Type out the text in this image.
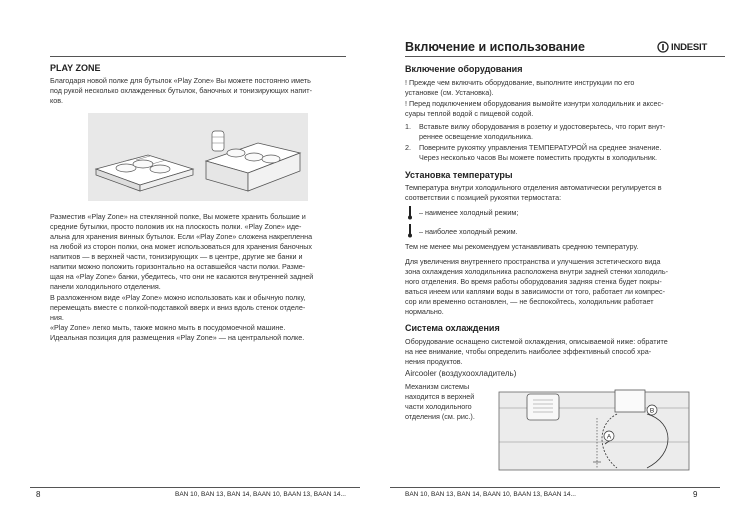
PLAY ZONE
Благодаря новой полке для бутылок «Play Zone» Вы можете постоянно иметь
под рукой несколько охлажденных бутылок, баночных и тонизирующих напит-
ков.
Разместив «Play Zone» на стеклянной полке, Вы можете хранить большие и
средние бутылки, просто положив их на плоскость полки. «Play Zone» иде-
альна для хранения винных бутылок. Если «Play Zone» сложена накрепленна
на любой из сторон полки, она может использоваться для хранения баночных
напитков — в верхней части, тонизирующих — в центре, другие же банки и
напитки можно положить горизонтально на оставшейся части полки. Разме-
щая на «Play Zone» банки, убедитесь, что они не касаются внутренней задней
панели холодильного отделения.
В разложенном виде «Play Zone» можно использовать как и обычную полку,
перемещать вместе с полкой-подставкой вверх и вниз вдоль стенок отделе-
ния.
«Play Zone» легко мыть, также можно мыть в посудомоечной машине.
Идеальная позиция для размещения «Play Zone» — на центральной полке.
8	BAN 10, BAN 13, BAN 14, BAAN 10, BAAN 13, BAAN 14...
Включение и использование	INDESIT
Включение оборудования
! Прежде чем включить оборудование, выполните инструкции по его
установке (см. Установка).
! Перед подключением оборудования вымойте изнутри холодильник и аксес-
суары теплой водой с пищевой содой.
1. Вставьте вилку оборудования в розетку и удостоверьтесь, что горит внут-
реннее освещение холодильника.
2. Поверните рукоятку управления ТЕМПЕРАТУРОЙ на среднее значение.
Через несколько часов Вы можете поместить продукты в холодильник.
Установка температуры
Температура внутри холодильного отделения автоматически регулируется в
соответствии с позицией рукоятки термостата:
– наименее холодный режим;
– наиболее холодный режим.
Тем не менее мы рекомендуем устанавливать среднюю температуру.
Для увеличения внутреннего пространства и улучшения эстетического вида
зона охлаждения холодильника расположена внутри задней стенки холодиль-
ного отделения. Во время работы оборудования задняя стенка будет покры-
ваться инеем или каплями воды в зависимости от того, работает ли компрес-
сор или временно остановлен, — не беспокойтесь, холодильник работает
нормально.
Система охлаждения
Оборудование оснащено системой охлаждения, описываемой ниже: обратите
на нее внимание, чтобы определить наиболее эффективный способ хра-
нения продуктов.
Aircooler (воздухоохладитель)
Механизм системы
находится в верхней
части холодильного
отделения (см. рис.).
A
B
BAN 10, BAN 13, BAN 14, BAAN 10, BAAN 13, BAAN 14...	9
